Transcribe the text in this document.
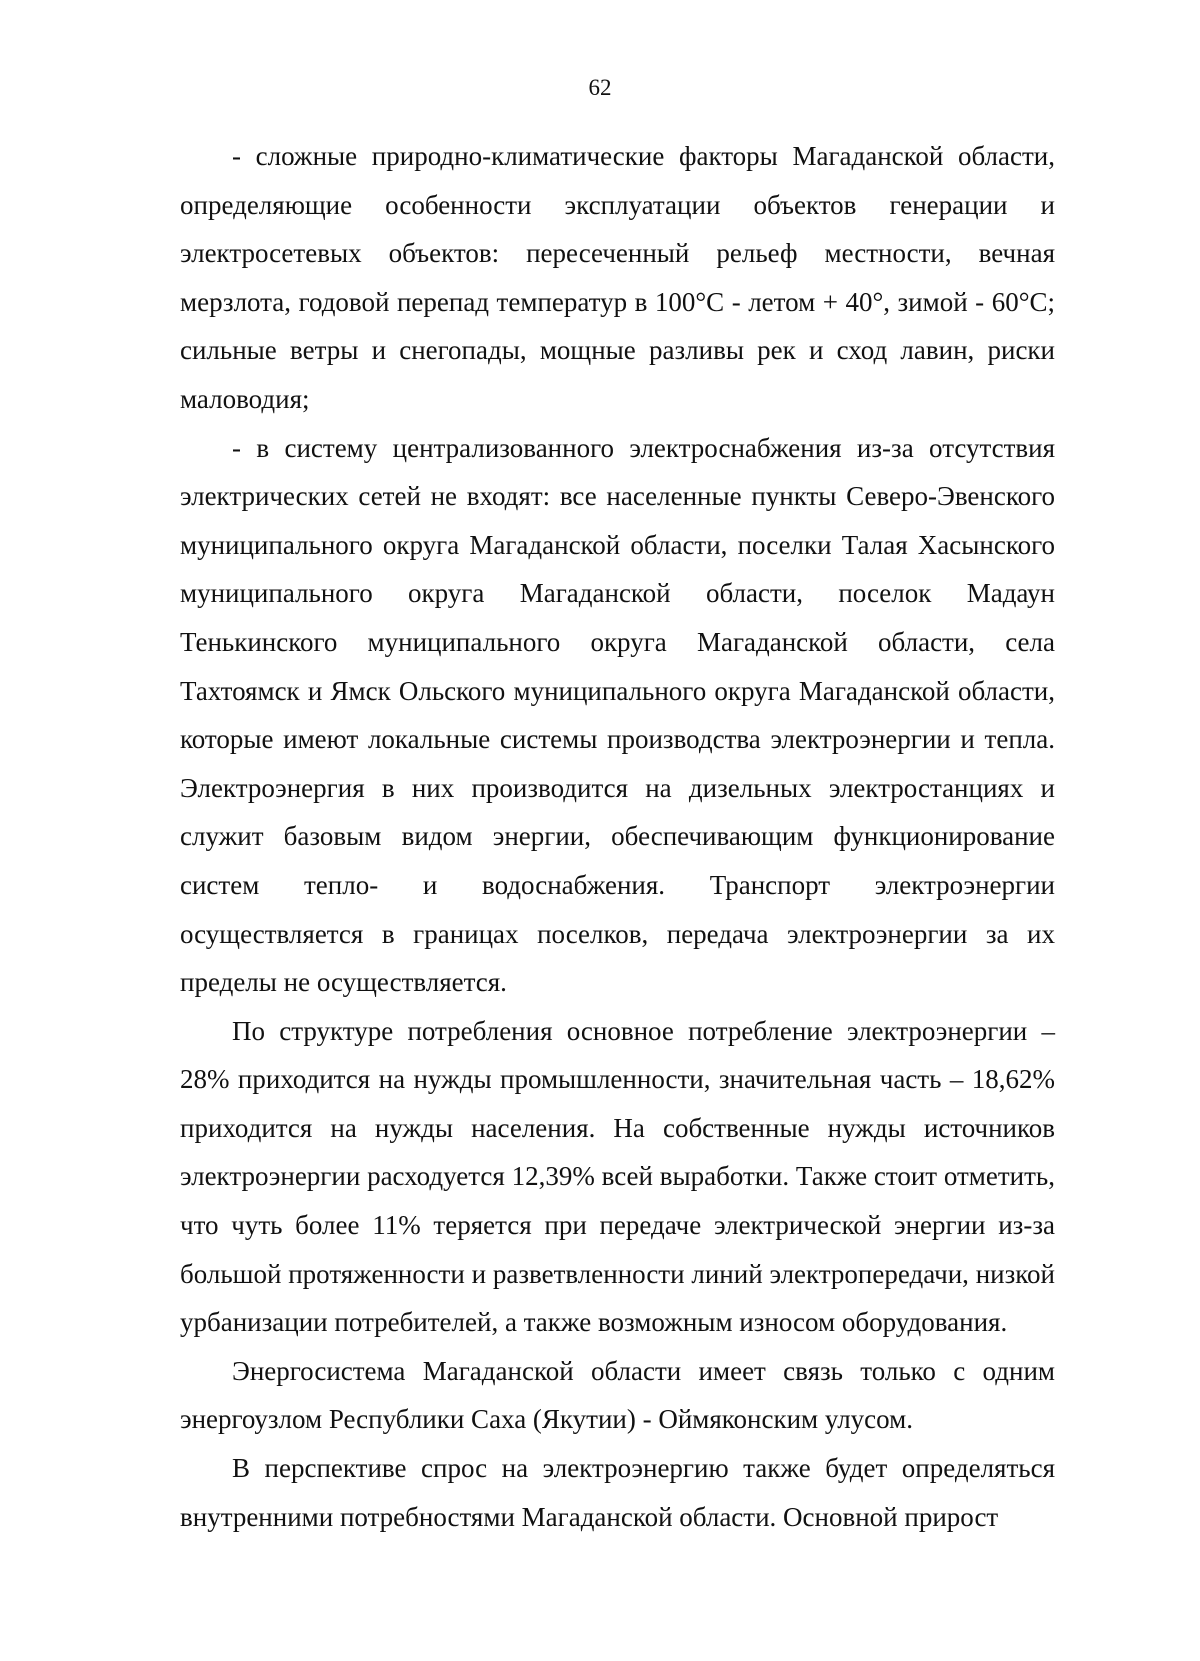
62

- сложные природно-климатические факторы Магаданской области, определяющие особенности эксплуатации объектов генерации и электросетевых объектов: пересеченный рельеф местности, вечная мерзлота, годовой перепад температур в 100°С - летом + 40°, зимой - 60°С; сильные ветры и снегопады, мощные разливы рек и сход лавин, риски маловодия;

- в систему централизованного электроснабжения из-за отсутствия электрических сетей не входят: все населенные пункты Северо-Эвенского муниципального округа Магаданской области, поселки Талая Хасынского муниципального округа Магаданской области, поселок Мадаун Тенькинского муниципального округа Магаданской области, села Тахтоямск и Ямск Ольского муниципального округа Магаданской области, которые имеют локальные системы производства электроэнергии и тепла. Электроэнергия в них производится на дизельных электростанциях и служит базовым видом энергии, обеспечивающим функционирование систем тепло- и водоснабжения. Транспорт электроэнергии осуществляется в границах поселков, передача электроэнергии за их пределы не осуществляется.

По структуре потребления основное потребление электроэнергии – 28% приходится на нужды промышленности, значительная часть – 18,62% приходится на нужды населения. На собственные нужды источников электроэнергии расходуется 12,39% всей выработки. Также стоит отметить, что чуть более 11% теряется при передаче электрической энергии из-за большой протяженности и разветвленности линий электропередачи, низкой урбанизации потребителей, а также возможным износом оборудования.

Энергосистема Магаданской области имеет связь только с одним энергоузлом Республики Саха (Якутии) - Оймяконским улусом.

В перспективе спрос на электроэнергию также будет определяться внутренними потребностями Магаданской области. Основной прирост
